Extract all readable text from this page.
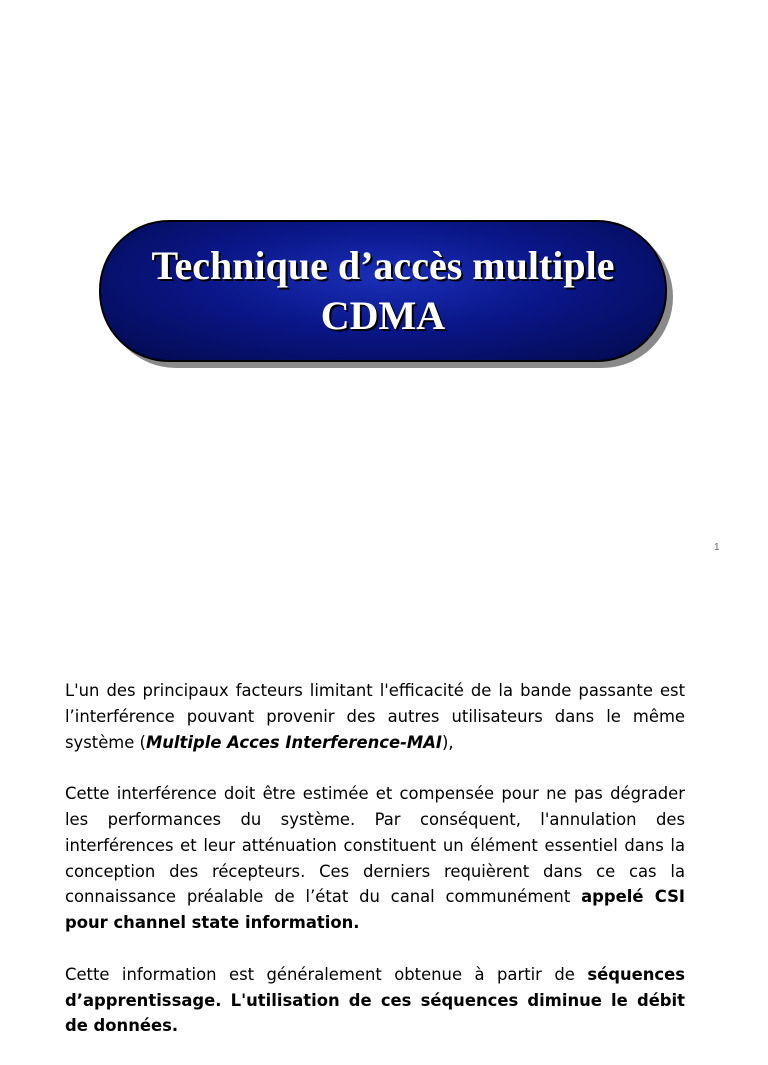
Technique d’accès multiple
CDMA
1

L'un des principaux facteurs limitant l'efficacité de la bande passante est l’interférence pouvant provenir des autres utilisateurs dans le même système (Multiple Acces Interference-MAI),

Cette interférence doit être estimée et compensée pour ne pas dégrader les performances du système. Par conséquent, l'annulation des interférences et leur atténuation constituent un élément essentiel dans la conception des récepteurs. Ces derniers requièrent dans ce cas la connaissance préalable de l’état du canal communément appelé CSI pour channel state information.

Cette information est généralement obtenue à partir de séquences d’apprentissage. L'utilisation de ces séquences diminue le débit de données.
